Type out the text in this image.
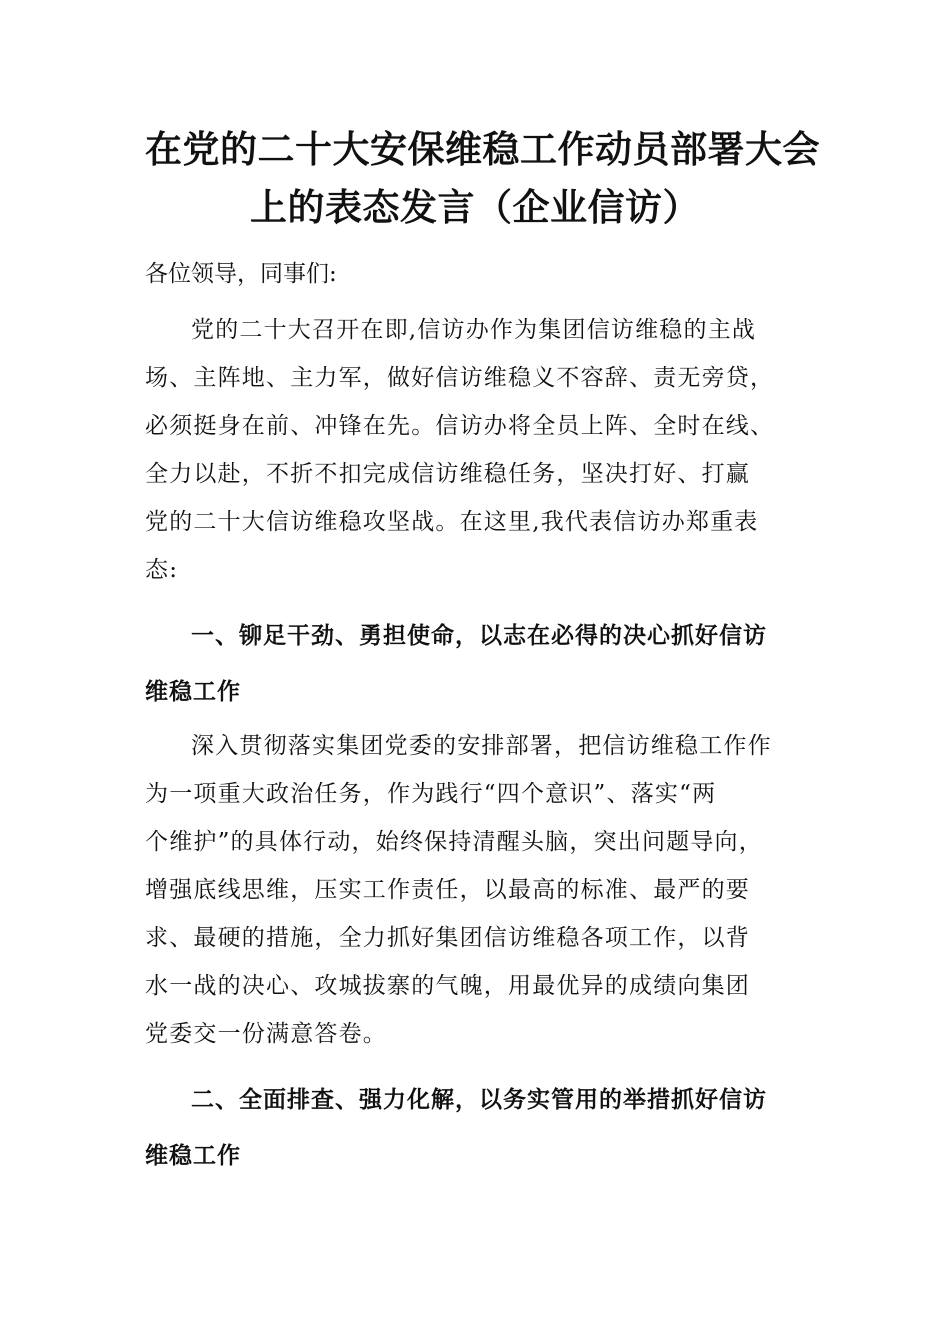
在党的二十大安保维稳工作动员部署大会
上的表态发言（企业信访）

各位领导，同事们:

党的二十大召开在即,信访办作为集团信访维稳的主战
场、主阵地、主力军，做好信访维稳义不容辞、责无旁贷，
必须挺身在前、冲锋在先。信访办将全员上阵、全时在线、
全力以赴，不折不扣完成信访维稳任务，坚决打好、打赢
党的二十大信访维稳攻坚战。在这里,我代表信访办郑重表
态:

一、铆足干劲、勇担使命，以志在必得的决心抓好信访
维稳工作

深入贯彻落实集团党委的安排部署，把信访维稳工作作
为一项重大政治任务，作为践行“四个意识”、落实“两
个维护”的具体行动，始终保持清醒头脑，突出问题导向，
增强底线思维，压实工作责任，以最高的标准、最严的要
求、最硬的措施，全力抓好集团信访维稳各项工作，以背
水一战的决心、攻城拔寨的气魄，用最优异的成绩向集团
党委交一份满意答卷。

二、全面排查、强力化解，以务实管用的举措抓好信访
维稳工作
